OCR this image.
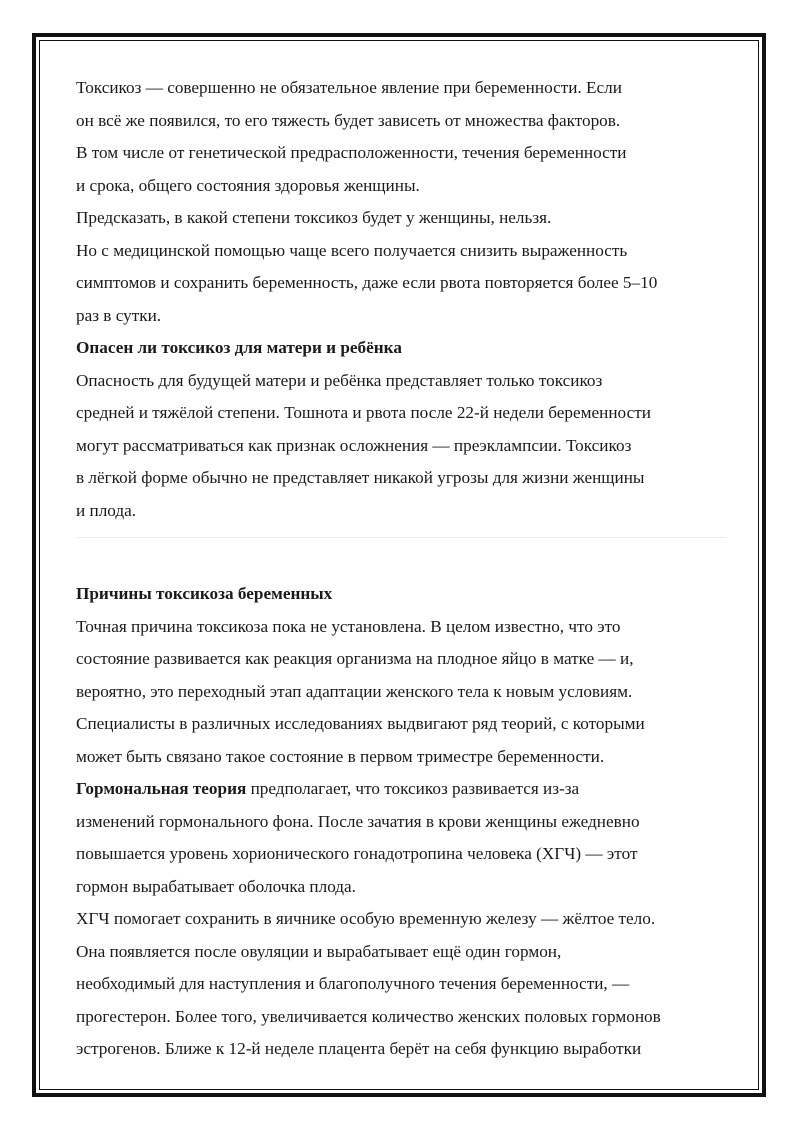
Токсикоз — совершенно не обязательное явление при беременности. Если
он всё же появился, то его тяжесть будет зависеть от множества факторов.
В том числе от генетической предрасположенности, течения беременности
и срока, общего состояния здоровья женщины.
Предсказать, в какой степени токсикоз будет у женщины, нельзя.
Но с медицинской помощью чаще всего получается снизить выраженность
симптомов и сохранить беременность, даже если рвота повторяется более 5–10
раз в сутки.
Опасен ли токсикоз для матери и ребёнка
Опасность для будущей матери и ребёнка представляет только токсикоз
средней и тяжёлой степени. Тошнота и рвота после 22-й недели беременности
могут рассматриваться как признак осложнения — преэклампсии. Токсикоз
в лёгкой форме обычно не представляет никакой угрозы для жизни женщины
и плода.
Причины токсикоза беременных
Точная причина токсикоза пока не установлена. В целом известно, что это
состояние развивается как реакция организма на плодное яйцо в матке — и,
вероятно, это переходный этап адаптации женского тела к новым условиям.
Специалисты в различных исследованиях выдвигают ряд теорий, с которыми
может быть связано такое состояние в первом триместре беременности.
Гормональная теория предполагает, что токсикоз развивается из-за
изменений гормонального фона. После зачатия в крови женщины ежедневно
повышается уровень хорионического гонадотропина человека (ХГЧ) — этот
гормон вырабатывает оболочка плода.
ХГЧ помогает сохранить в яичнике особую временную железу — жёлтое тело.
Она появляется после овуляции и вырабатывает ещё один гормон,
необходимый для наступления и благополучного течения беременности, —
прогестерон. Более того, увеличивается количество женских половых гормонов
эстрогенов. Ближе к 12-й неделе плацента берёт на себя функцию выработки
